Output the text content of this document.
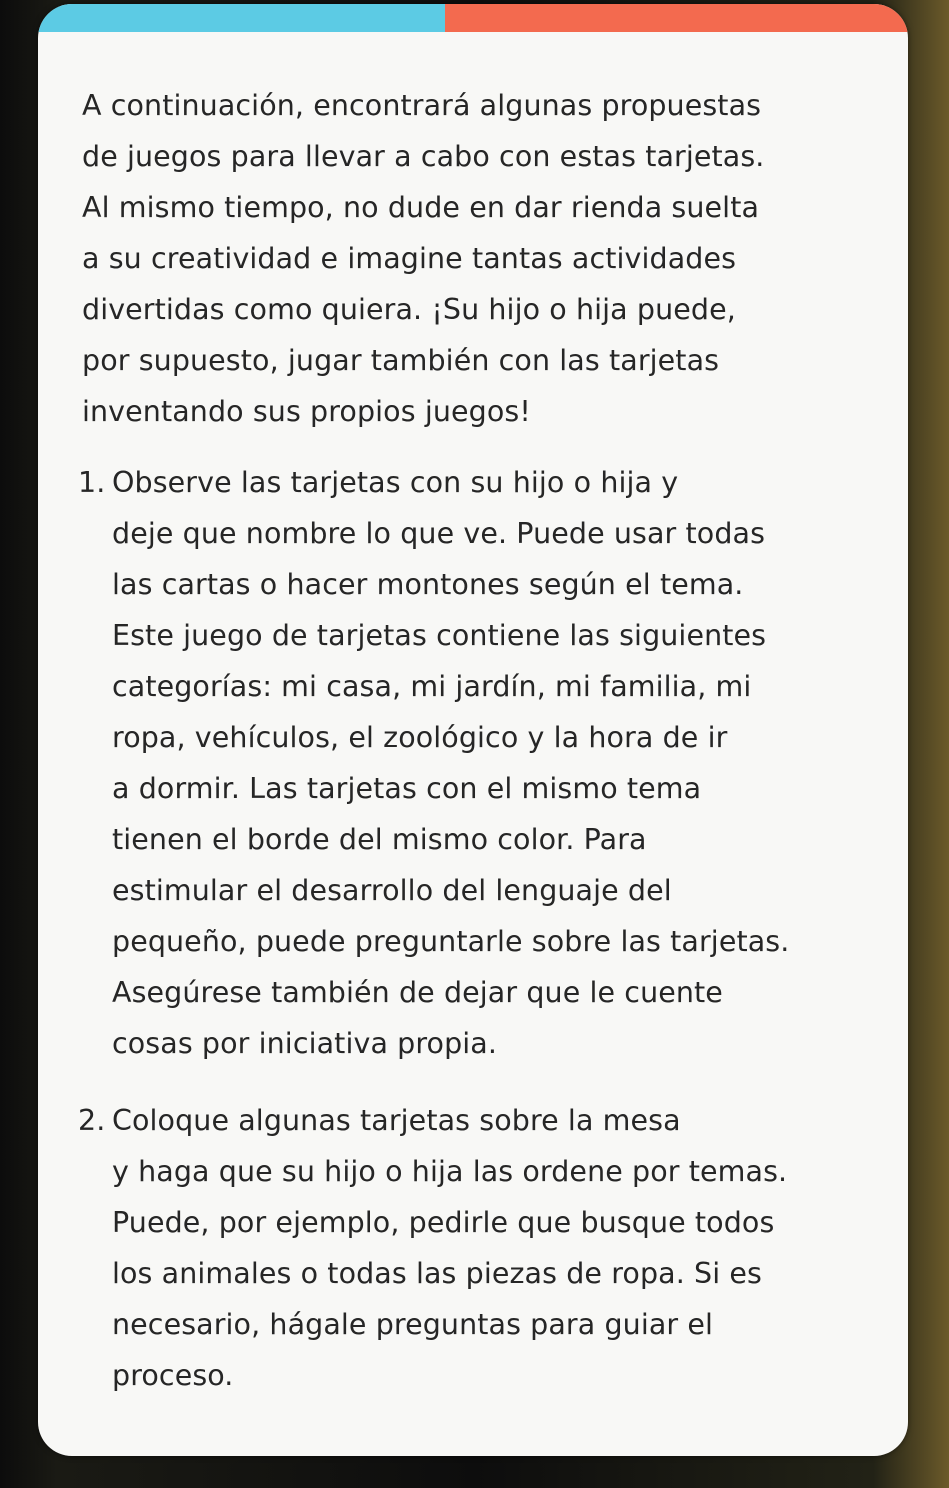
A continuación, encontrará algunas propuestas

de juegos para llevar a cabo con estas tarjetas.

Al mismo tiempo, no dude en dar rienda suelta

a su creatividad e imagine tantas actividades

divertidas como quiera. ¡Su hijo o hija puede,

por supuesto, jugar también con las tarjetas

inventando sus propios juegos!

1. Observe las tarjetas con su hijo o hija y

deje que nombre lo que ve. Puede usar todas

las cartas o hacer montones según el tema.

Este juego de tarjetas contiene las siguientes

categorías: mi casa, mi jardín, mi familia, mi

ropa, vehículos, el zoológico y la hora de ir

a dormir. Las tarjetas con el mismo tema

tienen el borde del mismo color. Para

estimular el desarrollo del lenguaje del

pequeño, puede preguntarle sobre las tarjetas.

Asegúrese también de dejar que le cuente

cosas por iniciativa propia.

2. Coloque algunas tarjetas sobre la mesa

y haga que su hijo o hija las ordene por temas.

Puede, por ejemplo, pedirle que busque todos

los animales o todas las piezas de ropa. Si es

necesario, hágale preguntas para guiar el

proceso.
